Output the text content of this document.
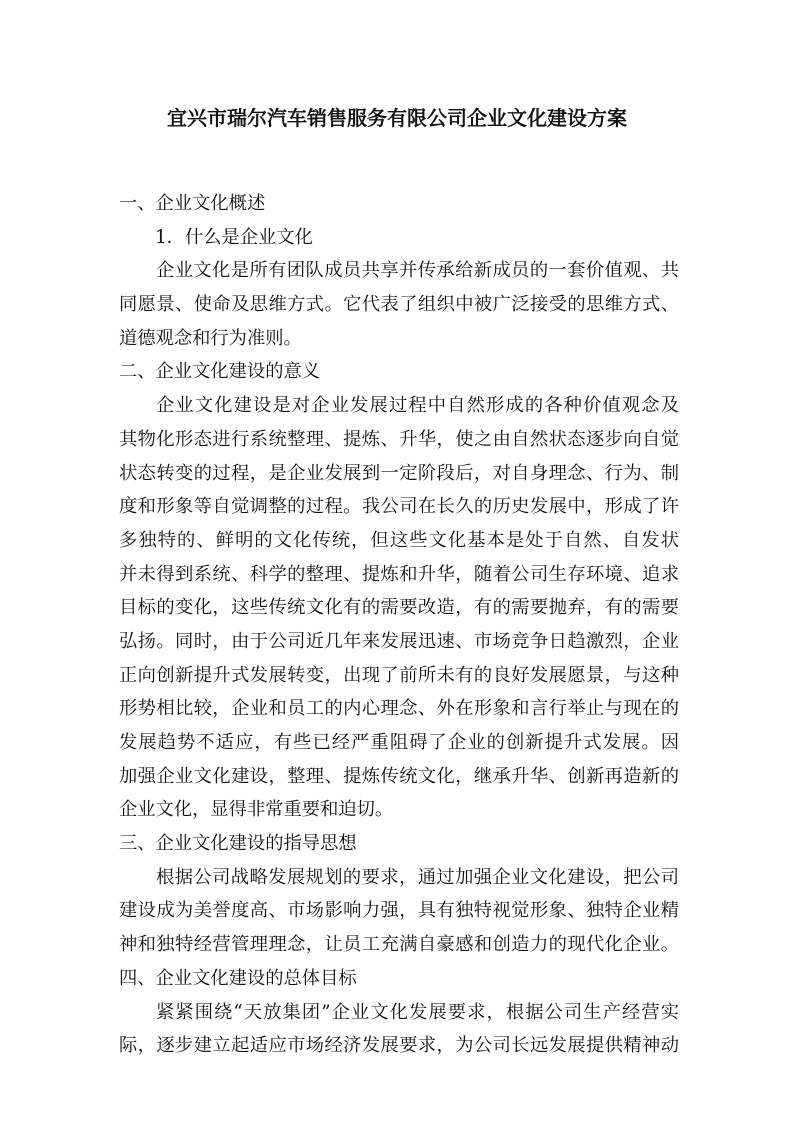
宜兴市瑞尔汽车销售服务有限公司企业文化建设方案
一、企业文化概述
1．什么是企业文化
企业文化是所有团队成员共享并传承给新成员的一套价值观、共
同愿景、使命及思维方式。它代表了组织中被广泛接受的思维方式、
道德观念和行为准则。
二、企业文化建设的意义
企业文化建设是对企业发展过程中自然形成的各种价值观念及
其物化形态进行系统整理、提炼、升华，使之由自然状态逐步向自觉
状态转变的过程，是企业发展到一定阶段后，对自身理念、行为、制
度和形象等自觉调整的过程。我公司在长久的历史发展中，形成了许
多独特的、鲜明的文化传统，但这些文化基本是处于自然、自发状
并未得到系统、科学的整理、提炼和升华，随着公司生存环境、追求
目标的变化，这些传统文化有的需要改造，有的需要抛弃，有的需要
弘扬。同时，由于公司近几年来发展迅速、市场竞争日趋激烈，企业
正向创新提升式发展转变，出现了前所未有的良好发展愿景，与这种
形势相比较，企业和员工的内心理念、外在形象和言行举止与现在的
发展趋势不适应，有些已经严重阻碍了企业的创新提升式发展。因
加强企业文化建设，整理、提炼传统文化，继承升华、创新再造新的
企业文化，显得非常重要和迫切。
三、企业文化建设的指导思想
根据公司战略发展规划的要求，通过加强企业文化建设，把公司
建设成为美誉度高、市场影响力强，具有独特视觉形象、独特企业精
神和独特经营管理理念，让员工充满自豪感和创造力的现代化企业。
四、企业文化建设的总体目标
紧紧围绕“天放集团”企业文化发展要求，根据公司生产经营实
际，逐步建立起适应市场经济发展要求，为公司长远发展提供精神动
